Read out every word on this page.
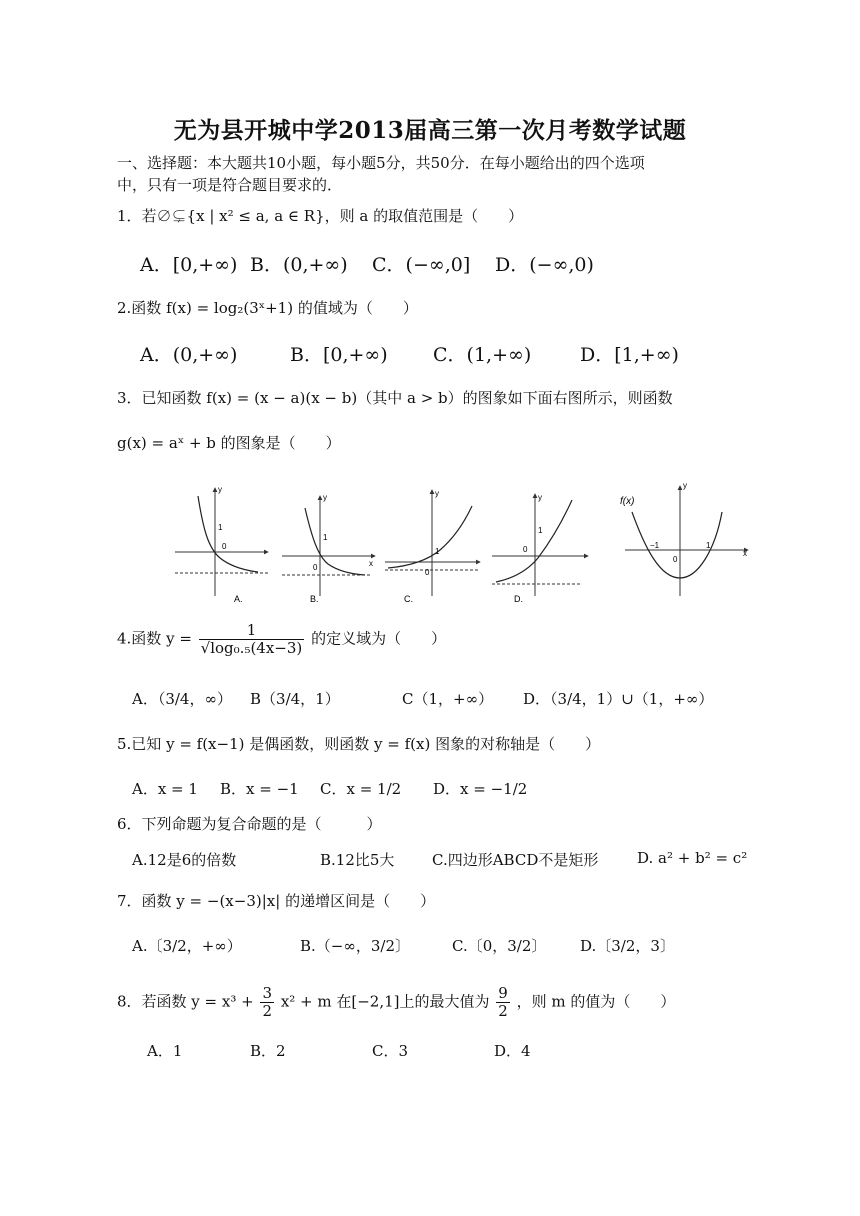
无为县开城中学2013届高三第一次月考数学试题
一、选择题：本大题共10小题，每小题5分，共50分．在每小题给出的四个选项
中，只有一项是符合题目要求的．
1．若∅⊊{x | x² ≤ a, a ∈ R}，则 a 的取值范围是（　　）
A．[0,+∞) B．(0,+∞) C．(−∞,0] D．(−∞,0)
2.函数 f(x) = log₂(3ˣ+1) 的值域为（　　）
A．(0,+∞)	B．[0,+∞) C．(1,+∞)	D．[1,+∞)
3．已知函数 f(x) = (x − a)(x − b)（其中 a > b）的图象如下面右图所示，则函数
g(x) = aˣ + b 的图象是（　　）
y
1
0
A.
y
1
0	x
B.
y
1
0
C.
y
1
0
D.
f(x)
y
−1
0
1
x
4.函数 $y = \frac{1}{\text{√log₀.₅(4x−3)}}$ 的定义域为（　　）
A．（3/4，∞） B（3/4，1）	C（1，+∞） D．（3/4，1）∪（1，+∞）
5.已知 y = f(x−1) 是偶函数，则函数 y = f(x) 图象的对称轴是（　　）
A．x = 1 B．x = −1 C．x = 1/2 D．x = −1/2
6．下列命题为复合命题的是（　　　）
A.12是6的倍数	B.12比5大	C.四边形ABCD不是矩形	D. a² + b² = c²
7．函数 y = −(x−3)|x| 的递增区间是（　　）
A.〔3/2，+∞）	B.（−∞，3/2〕	C.〔0，3/2〕 D.〔3/2，3〕
8．若函数 $y = x^3 + \frac{3}{2} x^2 + m$ 在[−2,1]上的最大值为 $\frac{9}{2}$ ，则 m 的值为（　　）
A．1	B．2	C．3	D．4
